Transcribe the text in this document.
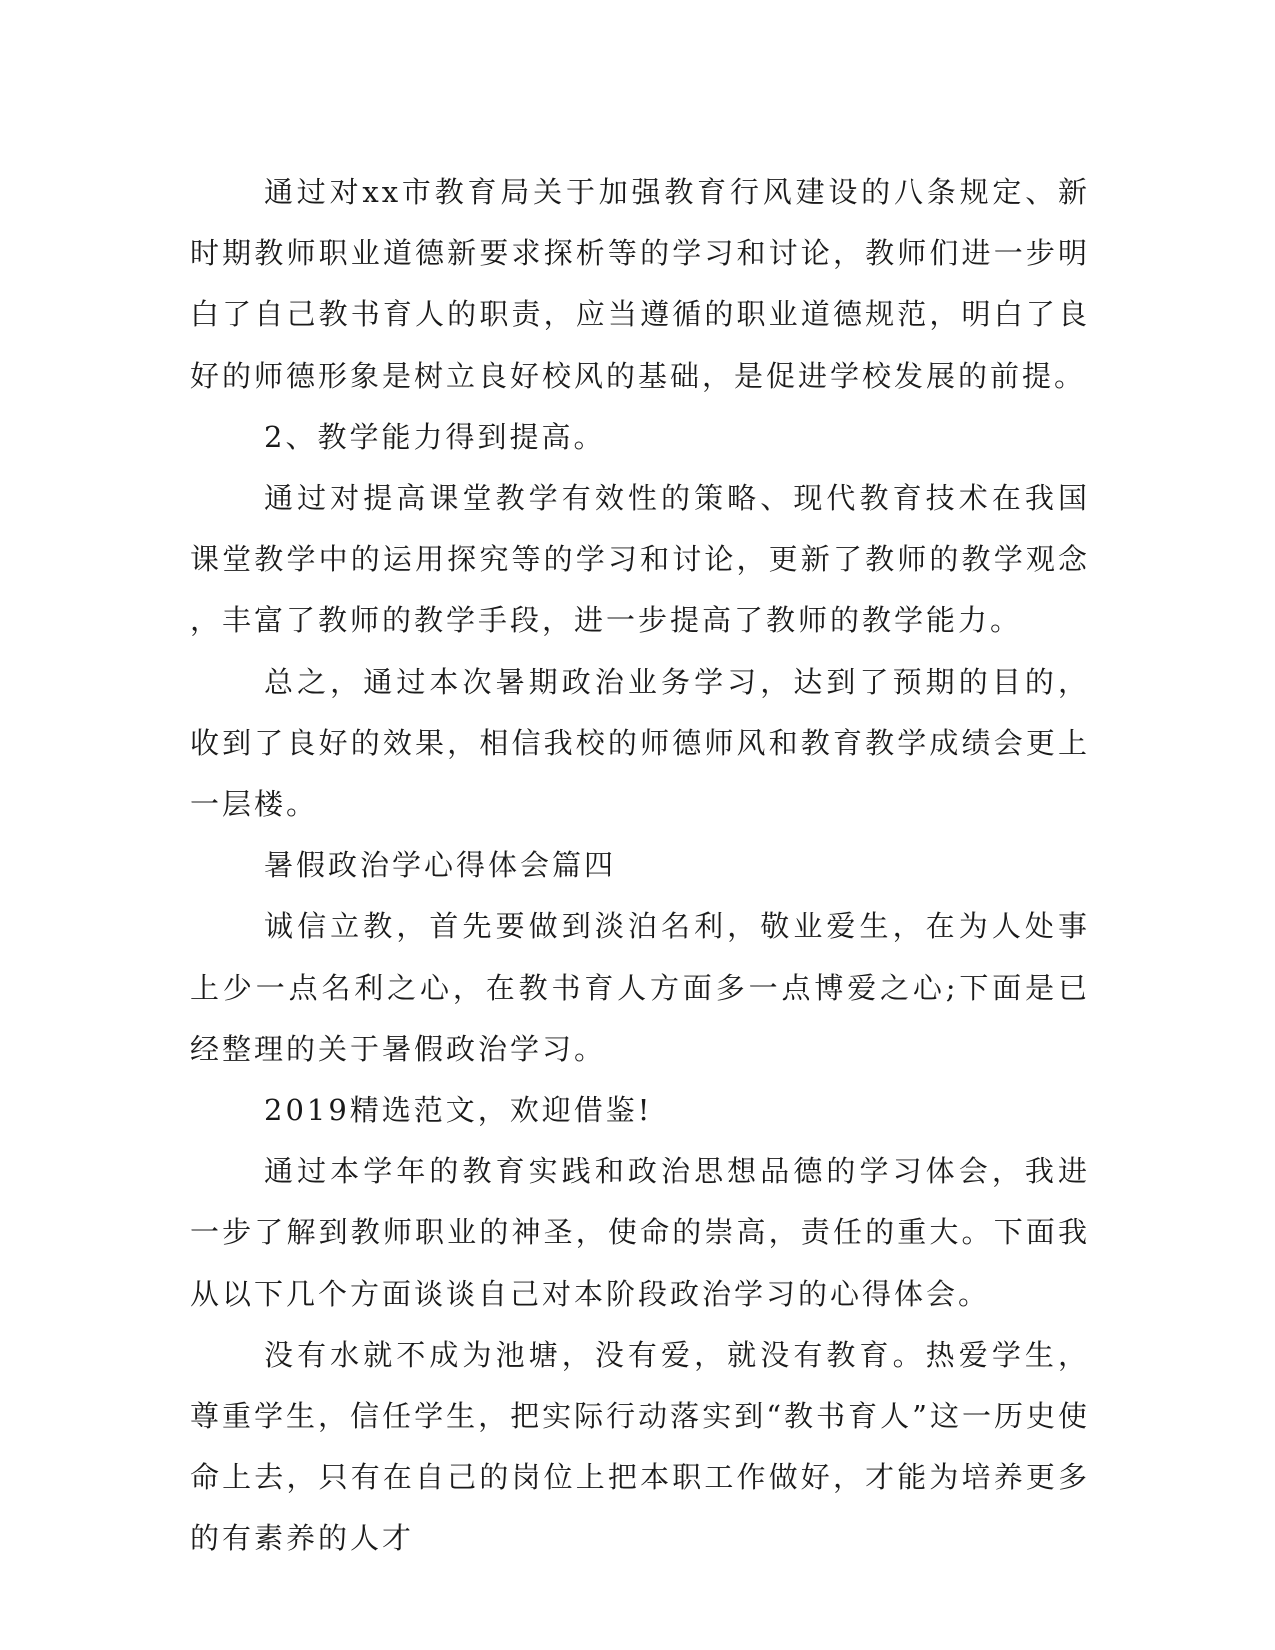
通过对xx市教育局关于加强教育行风建设的八条规定、新时期教师职业道德新要求探析等的学习和讨论，教师们进一步明白了自己教书育人的职责，应当遵循的职业道德规范，明白了良好的师德形象是树立良好校风的基础，是促进学校发展的前提。

2、教学能力得到提高。

通过对提高课堂教学有效性的策略、现代教育技术在我国课堂教学中的运用探究等的学习和讨论，更新了教师的教学观念，丰富了教师的教学手段，进一步提高了教师的教学能力。

总之，通过本次暑期政治业务学习，达到了预期的目的，收到了良好的效果，相信我校的师德师风和教育教学成绩会更上一层楼。

暑假政治学心得体会篇四

诚信立教，首先要做到淡泊名利，敬业爱生，在为人处事上少一点名利之心，在教书育人方面多一点博爱之心;下面是已经整理的关于暑假政治学习。

2019精选范文，欢迎借鉴!

通过本学年的教育实践和政治思想品德的学习体会，我进一步了解到教师职业的神圣，使命的崇高，责任的重大。下面我从以下几个方面谈谈自己对本阶段政治学习的心得体会。

没有水就不成为池塘，没有爱，就没有教育。热爱学生，尊重学生，信任学生，把实际行动落实到“教书育人”这一历史使命上去，只有在自己的岗位上把本职工作做好，才能为培养更多的有素养的人才
